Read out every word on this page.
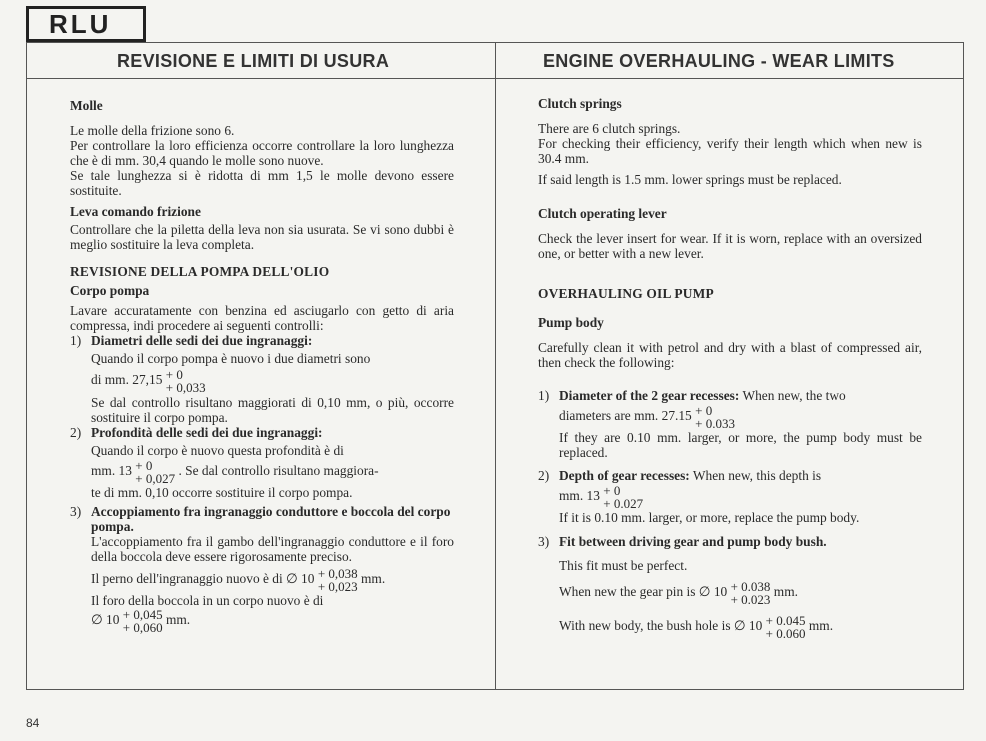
RLU
REVISIONE E LIMITI DI USURA	ENGINE OVERHAULING - WEAR LIMITS

Molle

Le molle della frizione sono 6.

Per controllare la loro efficienza occorre controllare la loro lunghezza che è di mm. 30,4 quando le molle sono nuove.

Se tale lunghezza si è ridotta di mm 1,5 le molle devono essere sostituite.

Leva comando frizione

Controllare che la piletta della leva non sia usurata. Se vi sono dubbi è meglio sostituire la leva completa.

REVISIONE DELLA POMPA DELL'OLIO

Corpo pompa

Lavare accuratamente con benzina ed asciugarlo con getto di aria compressa, indi procedere ai seguenti controlli:

1) Diametri delle sedi dei due ingranaggi:

Quando il corpo pompa è nuovo i due diametri sono

di mm. 27,15 + 0
+ 0,033

Se dal controllo risultano maggiorati di 0,10 mm, o più, occorre sostituire il corpo pompa.

2) Profondità delle sedi dei due ingranaggi:

Quando il corpo è nuovo questa profondità è di

mm. 13 + 0
+ 0,027
. Se dal controllo risultano maggiora-

te di mm. 0,10 occorre sostituire il corpo pompa.

3) Accoppiamento fra ingranaggio conduttore e boccola del corpo pompa.

L'accoppiamento fra il gambo dell'ingranaggio conduttore e il foro della boccola deve essere rigorosamente preciso.

Il perno dell'ingranaggio nuovo è di ∅ 10 + 0,038
+ 0,023
mm.

Il foro della boccola in un corpo nuovo è di

∅ 10 + 0,045
+ 0,060
mm.

Clutch springs

There are 6 clutch springs.

For checking their efficiency, verify their length which when new is 30.4 mm.

If said length is 1.5 mm. lower springs must be replaced.

Clutch operating lever

Check the lever insert for wear. If it is worn, replace with an oversized one, or better with a new lever.

OVERHAULING OIL PUMP

Pump body

Carefully clean it with petrol and dry with a blast of compressed air, then check the following:

1) Diameter of the 2 gear recesses: When new, the two

diameters are mm. 27.15 + 0
+ 0.033

If they are 0.10 mm. larger, or more, the pump body must be replaced.

2) Depth of gear recesses: When new, this depth is

mm. 13 + 0
+ 0.027

If it is 0.10 mm. larger, or more, replace the pump body.

3) Fit between driving gear and pump body bush.

This fit must be perfect.

When new the gear pin is ∅ 10 + 0.038
+ 0.023
mm.

With new body, the bush hole is ∅ 10 + 0.045
+ 0.060
mm.

84
